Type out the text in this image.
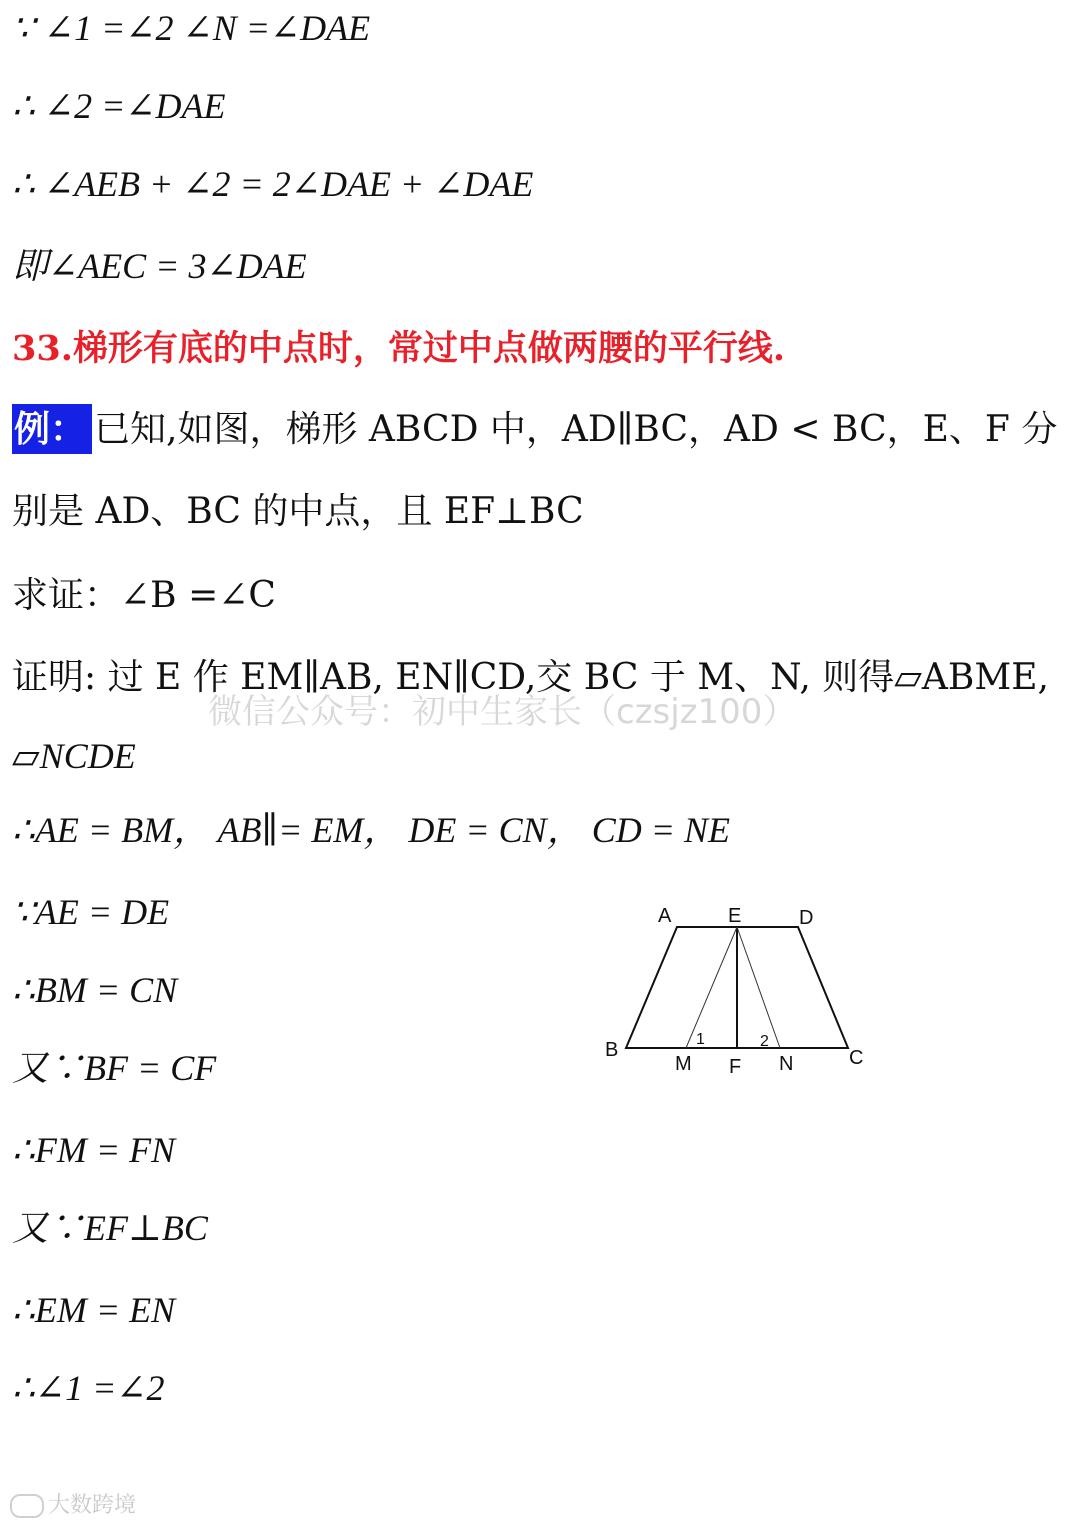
∵ ∠1 =∠2 ∠N =∠DAE
∴ ∠2 =∠DAE
∴ ∠AEB + ∠2 = 2∠DAE + ∠DAE
即∠AEC = 3∠DAE
33.梯形有底的中点时，常过中点做两腰的平行线.
例： 已知,如图，梯形 ABCD 中，AD∥BC，AD < BC，E、F 分
别是 AD、BC 的中点，且 EF⊥BC
求证：∠B =∠C
证明: 过 E 作 EM∥AB, EN∥CD,交 BC 于 M、N, 则得▱ABME,
▱NCDE
∴AE = BM， AB∥= EM， DE = CN， CD = NE
∵AE = DE
∴BM = CN
又∵BF = CF
∴FM = FN
又∵EF⊥BC
∴EM = EN
∴∠1 =∠2
微信公众号：初中生家长（czsjz100）
A	E	D
B
M F N	C
1	2
大数跨境
